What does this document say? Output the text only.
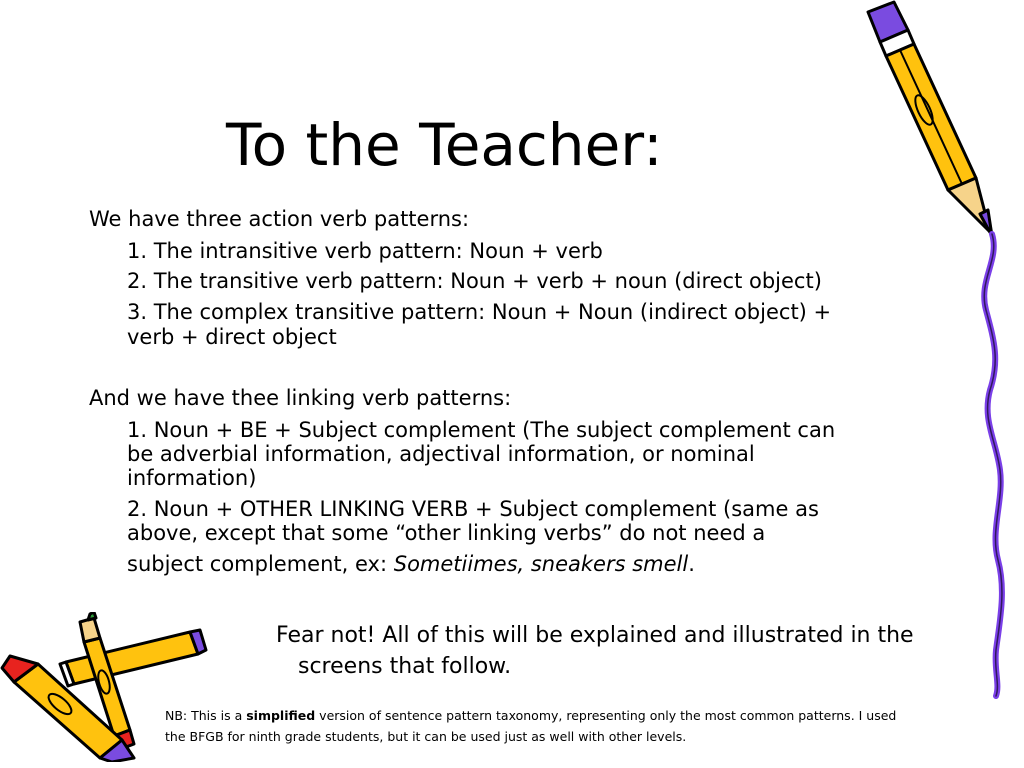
To the Teacher:
We have three action verb patterns:
1. The intransitive verb pattern: Noun + verb
2. The transitive verb pattern: Noun + verb + noun (direct object)
3. The complex transitive pattern: Noun + Noun (indirect object) +
verb + direct object
And we have thee linking verb patterns:
1. Noun + BE + Subject complement (The subject complement can
be adverbial information, adjectival information, or nominal
information)
2. Noun + OTHER LINKING VERB + Subject complement (same as
above, except that some “other linking verbs” do not need a
subject complement, ex: Sometiimes, sneakers smell.
Fear not! All of this will be explained and illustrated in the
screens that follow.
NB: This is a simplified version of sentence pattern taxonomy, representing only the most common patterns. I used
the BFGB for ninth grade students, but it can be used just as well with other levels.
